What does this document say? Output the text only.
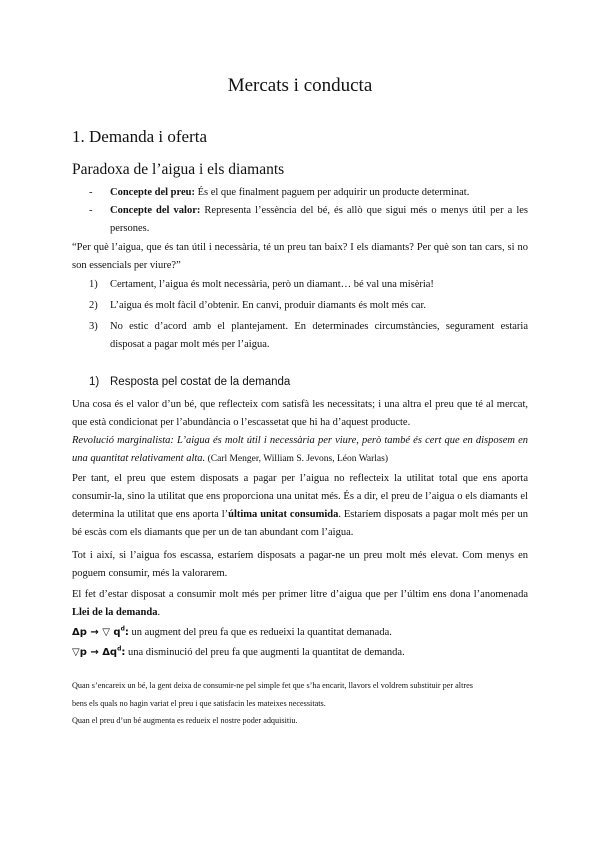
Mercats i conducta
1. Demanda i oferta
Paradoxa de l’aigua i els diamants
- Concepte del preu: És el que finalment paguem per adquirir un producte determinat.
- Concepte del valor: Representa l’essència del bé, és allò que sigui més o menys útil per a les persones.

“Per què l’aigua, que és tan útil i necessària, té un preu tan baix? I els diamants? Per què son tan cars, si no son essencials per viure?”

1) Certament, l’aigua és molt necessària, però un diamant… bé val una misèria!
2) L’aigua és molt fàcil d’obtenir. En canvi, produir diamants és molt més car.
3) No estic d’acord amb el plantejament. En determinades circumstàncies, segurament estaria disposat a pagar molt més per l’aigua.
1) Resposta pel costat de la demanda

Una cosa és el valor d’un bé, que reflecteix com satisfà les necessitats; i una altra el preu que té al mercat, que està condicionat per l’abundància o l’escassetat que hi ha d’aquest producte.

Revolució marginalista: L’aigua és molt útil i necessària per viure, però també és cert que en disposem en una quantitat relativament alta. (Carl Menger, William S. Jevons, Léon Warlas)

Per tant, el preu que estem disposats a pagar per l’aigua no reflecteix la utilitat total que ens aporta consumir-la, sino la utilitat que ens proporciona una unitat més. És a dir, el preu de l’aigua o els diamants el determina la utilitat que ens aporta l’última unitat consumida. Estaríem disposats a pagar molt més per un bé escàs com els diamants que per un de tan abundant com l’aigua.

Tot i així, si l’aigua fos escassa, estaríem disposats a pagar-ne un preu molt més elevat. Com menys en poguem consumir, més la valorarem.

El fet d’estar disposat a consumir molt més per primer litre d’aigua que per l’últim ens dona l’anomenada Llei de la demanda.

Δp → ▽ $q^d$: un augment del preu fa que es redueixi la quantitat demanada.

▽p → $\Delta q^d$: una disminució del preu fa que augmenti la quantitat de demanda.

Quan s’encareix un bé, la gent deixa de consumir-ne pel simple fet que s’ha encarit, llavors el voldrem substituir per altres

bens els quals no hagin variat el preu i que satisfacin les mateixes necessitats.

Quan el preu d’un bé augmenta es redueix el nostre poder adquisitiu.
